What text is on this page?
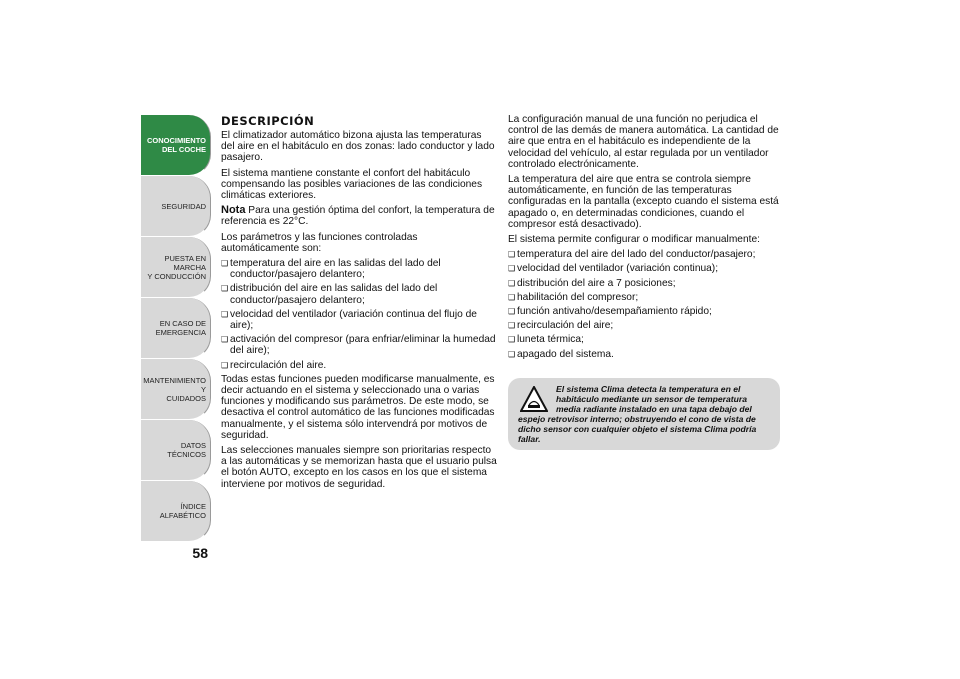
CONOCIMIENTO
DEL COCHE
SEGURIDAD
PUESTA EN MARCHA
Y CONDUCCIÓN
EN CASO DE
EMERGENCIA
MANTENIMIENTO Y
CUIDADOS
DATOS TÉCNICOS
ÍNDICE ALFABÉTICO
58
DESCRIPCIÓN

El climatizador automático bizona ajusta las temperaturas del aire en el habitáculo en dos zonas: lado conductor y lado pasajero.

El sistema mantiene constante el confort del habitáculo compensando las posibles variaciones de las condiciones climáticas exteriores.

Nota Para una gestión óptima del confort, la temperatura de referencia es 22°C.

Los parámetros y las funciones controladas automáticamente son:

❑ temperatura del aire en las salidas del lado del conductor/pasajero delantero;
❑ distribución del aire en las salidas del lado del conductor/pasajero delantero;
❑ velocidad del ventilador (variación continua del flujo de aire);
❑ activación del compresor (para enfriar/eliminar la humedad del aire);
❑ recirculación del aire.

Todas estas funciones pueden modificarse manualmente, es decir actuando en el sistema y seleccionado una o varias funciones y modificando sus parámetros. De este modo, se desactiva el control automático de las funciones modificadas manualmente, y el sistema sólo intervendrá por motivos de seguridad.

Las selecciones manuales siempre son prioritarias respecto a las automáticas y se memorizan hasta que el usuario pulsa el botón AUTO, excepto en los casos en los que el sistema interviene por motivos de seguridad.

La configuración manual de una función no perjudica el control de las demás de manera automática. La cantidad de aire que entra en el habitáculo es independiente de la velocidad del vehículo, al estar regulada por un ventilador controlado electrónicamente.

La temperatura del aire que entra se controla siempre automáticamente, en función de las temperaturas configuradas en la pantalla (excepto cuando el sistema está apagado o, en determinadas condiciones, cuando el compresor está desactivado).

El sistema permite configurar o modificar manualmente:

❑ temperatura del aire del lado del conductor/pasajero;
❑ velocidad del ventilador (variación continua);
❑ distribución del aire a 7 posiciones;
❑ habilitación del compresor;
❑ función antivaho/desempañamiento rápido;
❑ recirculación del aire;
❑ luneta térmica;
❑ apagado del sistema.
El sistema Clima detecta la temperatura en el habitáculo mediante un sensor de temperatura media radiante instalado en una tapa debajo del espejo retrovisor interno; obstruyendo el cono de vista de dicho sensor con cualquier objeto el sistema Clima podría fallar.
